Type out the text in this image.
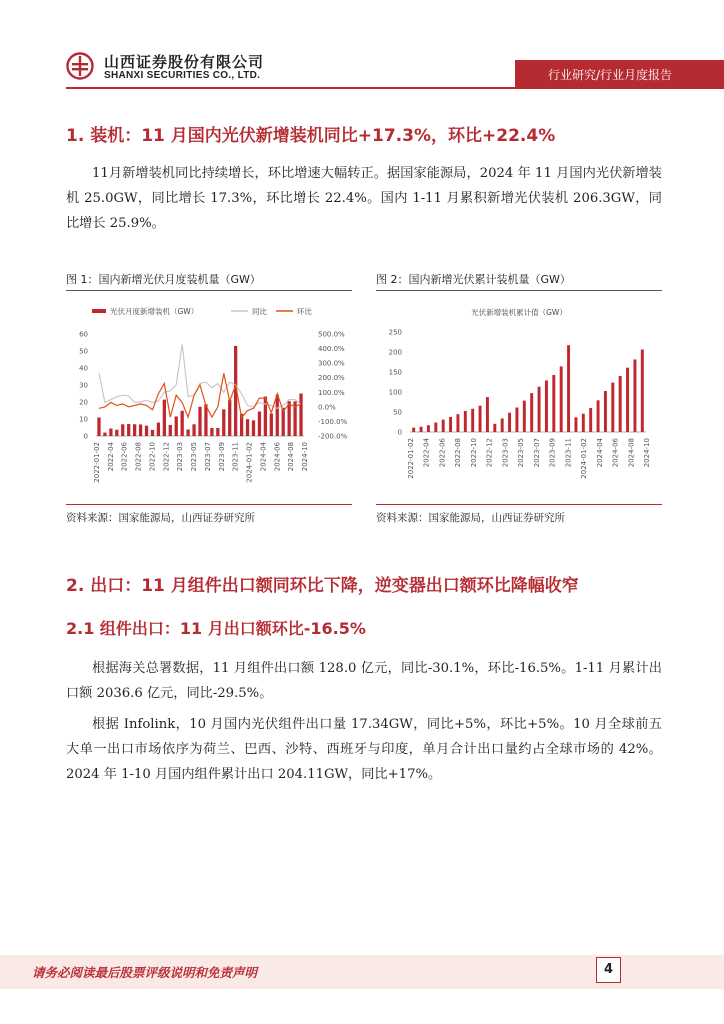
山西证券股份有限公司
SHANXI SECURITIES CO., LTD.	行业研究/行业月度报告
1. 装机：11 月国内光伏新增装机同比+17.3%，环比+22.4%

11月新增装机同比持续增长，环比增速大幅转正。据国家能源局，2024 年 11 月国内光伏新增装机 25.0GW，同比增长 17.3%，环比增长 22.4%。国内 1-11 月累积新增光伏装机 206.3GW，同比增长 25.9%。

图 1：国内新增光伏月度装机量（GW）
光伏月度新增装机（GW）	同比	环比
0
10
20
30
40
50
60	500.0%
400.0%
300.0%
200.0%
100.0%
0.0%
-100.0%
-200.0%
2022-01-02 2022-04 2022-06 2022-08 2022-10 2022-12 2023-03 2023-05 2023-07 2023-09 2023-11 2024-01-02 2024-04 2024-06 2024-08 2024-10
资料来源：国家能源局，山西证券研究所
图 2：国内新增光伏累计装机量（GW）
光伏新增装机累计值（GW）
0
50
100
150
200
250
2022-01-02 2022-04 2022-06 2022-08 2022-10 2022-12 2023-03 2023-05 2023-07 2023-09 2023-11 2024-01-02 2024-04 2024-06 2024-08 2024-10
资料来源：国家能源局，山西证券研究所
2. 出口：11 月组件出口额同环比下降，逆变器出口额环比降幅收窄
2.1 组件出口：11 月出口额环比-16.5%

根据海关总署数据，11 月组件出口额 128.0 亿元，同比-30.1%，环比-16.5%。1-11 月累计出口额 2036.6 亿元，同比-29.5%。

根据 Infolink，10 月国内光伏组件出口量 17.34GW，同比+5%，环比+5%。10 月全球前五大单一出口市场依序为荷兰、巴西、沙特、西班牙与印度，单月合计出口量约占全球市场的 42%。2024 年 1-10 月国内组件累计出口 204.11GW，同比+17%。

请务必阅读最后股票评级说明和免责声明	4
